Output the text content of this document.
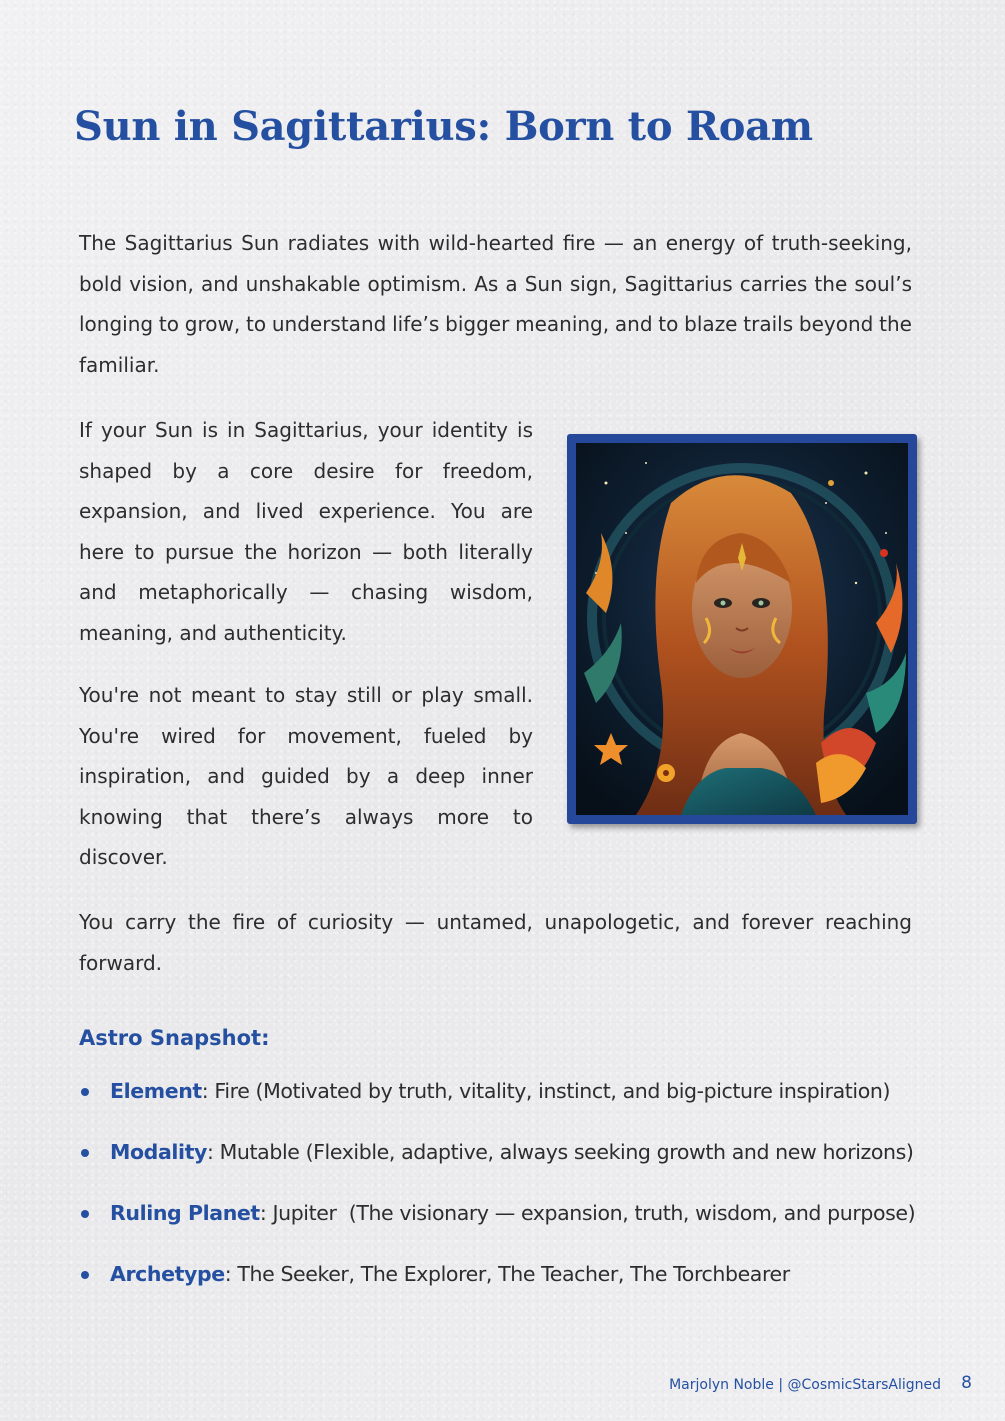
Sun in Sagittarius: Born to Roam

The Sagittarius Sun radiates with wild-hearted fire — an energy of truth-seeking, bold vision, and unshakable optimism. As a Sun sign, Sagittarius carries the soul’s longing to grow, to understand life’s bigger meaning, and to blaze trails beyond the familiar.

If your Sun is in Sagittarius, your identity is shaped by a core desire for freedom, expansion, and lived experience. You are here to pursue the horizon — both literally and metaphorically — chasing wisdom, meaning, and authenticity.

You're not meant to stay still or play small. You're wired for movement, fueled by inspiration, and guided by a deep inner knowing that there’s always more to discover.

You carry the fire of curiosity — untamed, unapologetic, and forever reaching forward.

Astro Snapshot:
Element: Fire (Motivated by truth, vitality, instinct, and big-picture inspiration)
Modality: Mutable (Flexible, adaptive, always seeking growth and new horizons)
Ruling Planet: Jupiter  (The visionary — expansion, truth, wisdom, and purpose)
Archetype: The Seeker, The Explorer, The Teacher, The Torchbearer
Marjolyn Noble | @CosmicStarsAligned 8
